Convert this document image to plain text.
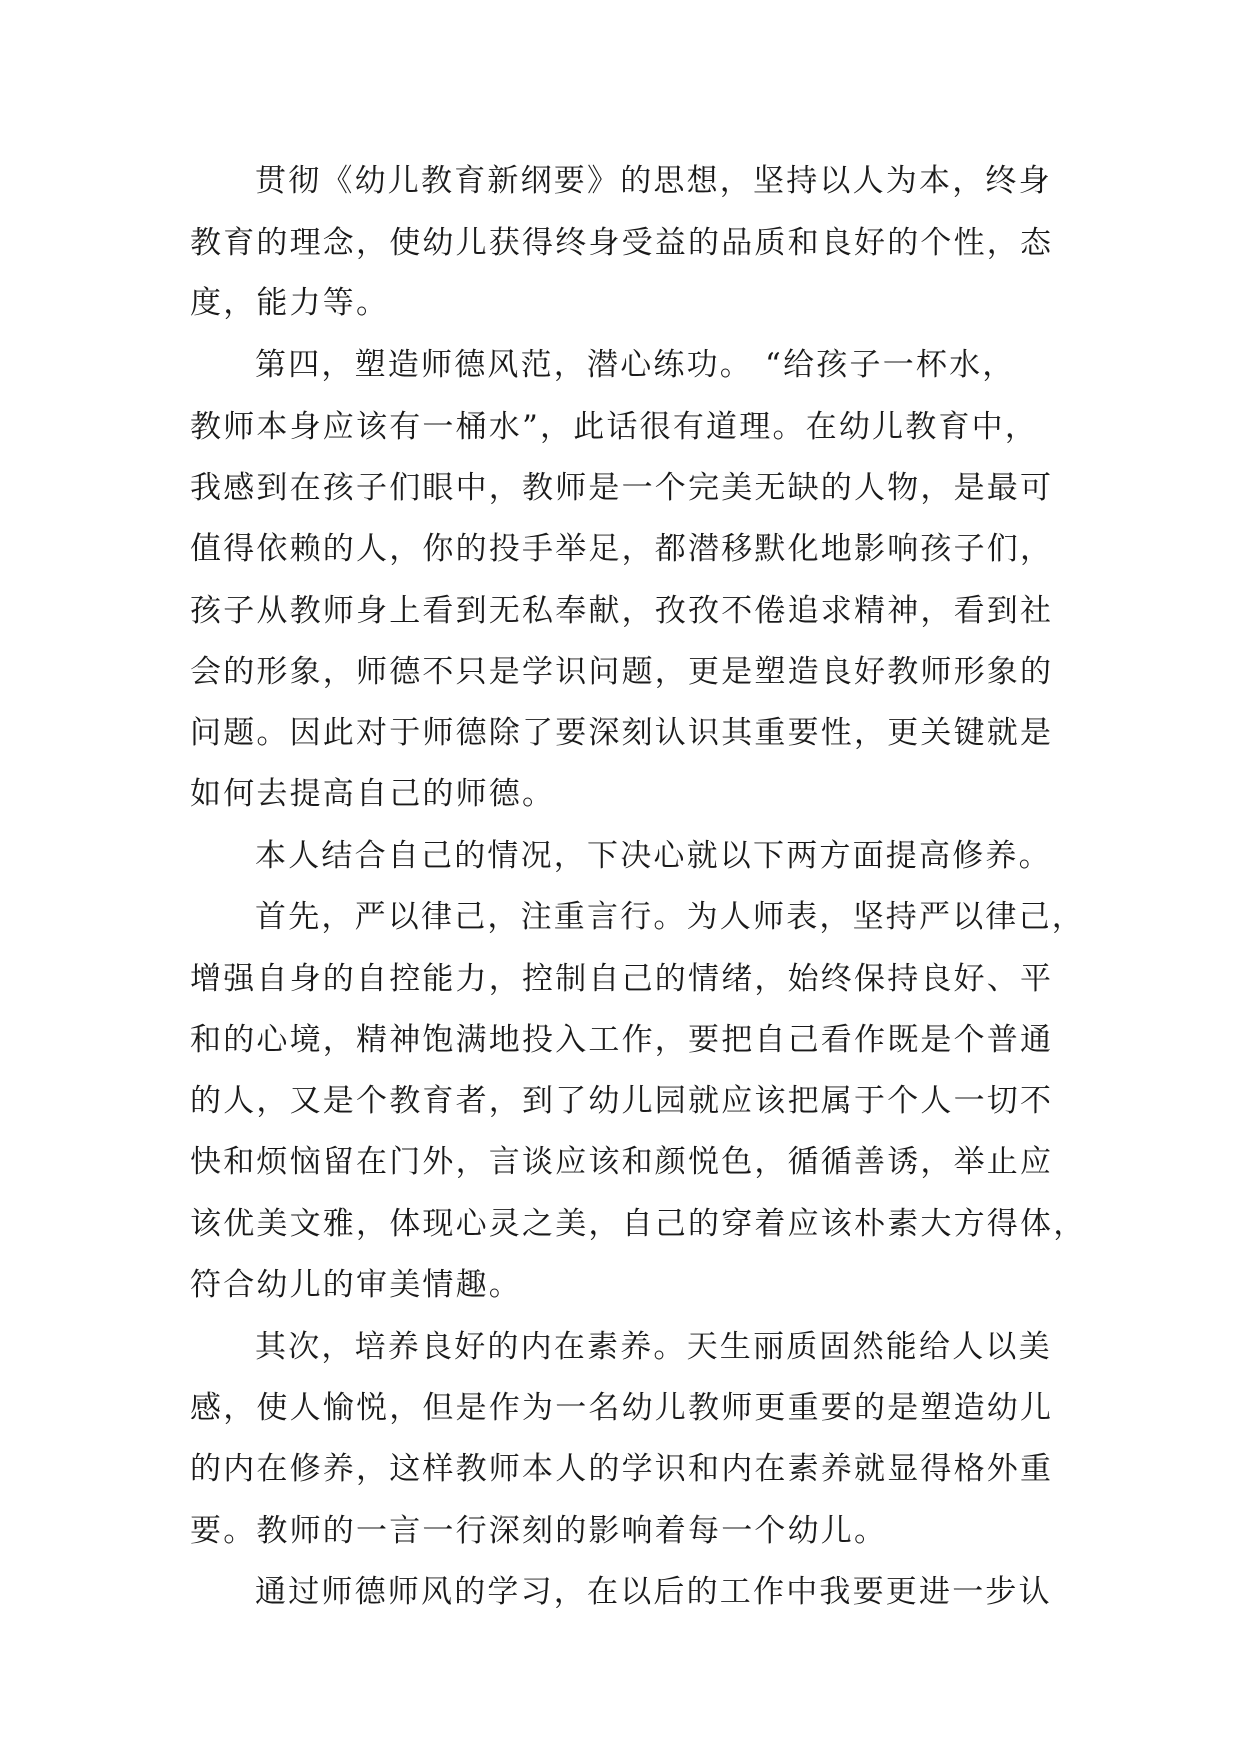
贯彻《幼儿教育新纲要》的思想，坚持以人为本，终身
教育的理念，使幼儿获得终身受益的品质和良好的个性，态
度，能力等。
第四，塑造师德风范，潜心练功。 “给孩子一杯水，
教师本身应该有一桶水”，此话很有道理。在幼儿教育中，
我感到在孩子们眼中，教师是一个完美无缺的人物，是最可
值得依赖的人，你的投手举足，都潜移默化地影响孩子们，
孩子从教师身上看到无私奉献，孜孜不倦追求精神，看到社
会的形象，师德不只是学识问题，更是塑造良好教师形象的
问题。因此对于师德除了要深刻认识其重要性，更关键就是
如何去提高自己的师德。
本人结合自己的情况，下决心就以下两方面提高修养。
首先，严以律己，注重言行。为人师表，坚持严以律己，
增强自身的自控能力，控制自己的情绪，始终保持良好、平
和的心境，精神饱满地投入工作，要把自己看作既是个普通
的人，又是个教育者，到了幼儿园就应该把属于个人一切不
快和烦恼留在门外，言谈应该和颜悦色，循循善诱，举止应
该优美文雅，体现心灵之美，自己的穿着应该朴素大方得体，
符合幼儿的审美情趣。
其次，培养良好的内在素养。天生丽质固然能给人以美
感，使人愉悦，但是作为一名幼儿教师更重要的是塑造幼儿
的内在修养，这样教师本人的学识和内在素养就显得格外重
要。教师的一言一行深刻的影响着每一个幼儿。
通过师德师风的学习，在以后的工作中我要更进一步认
